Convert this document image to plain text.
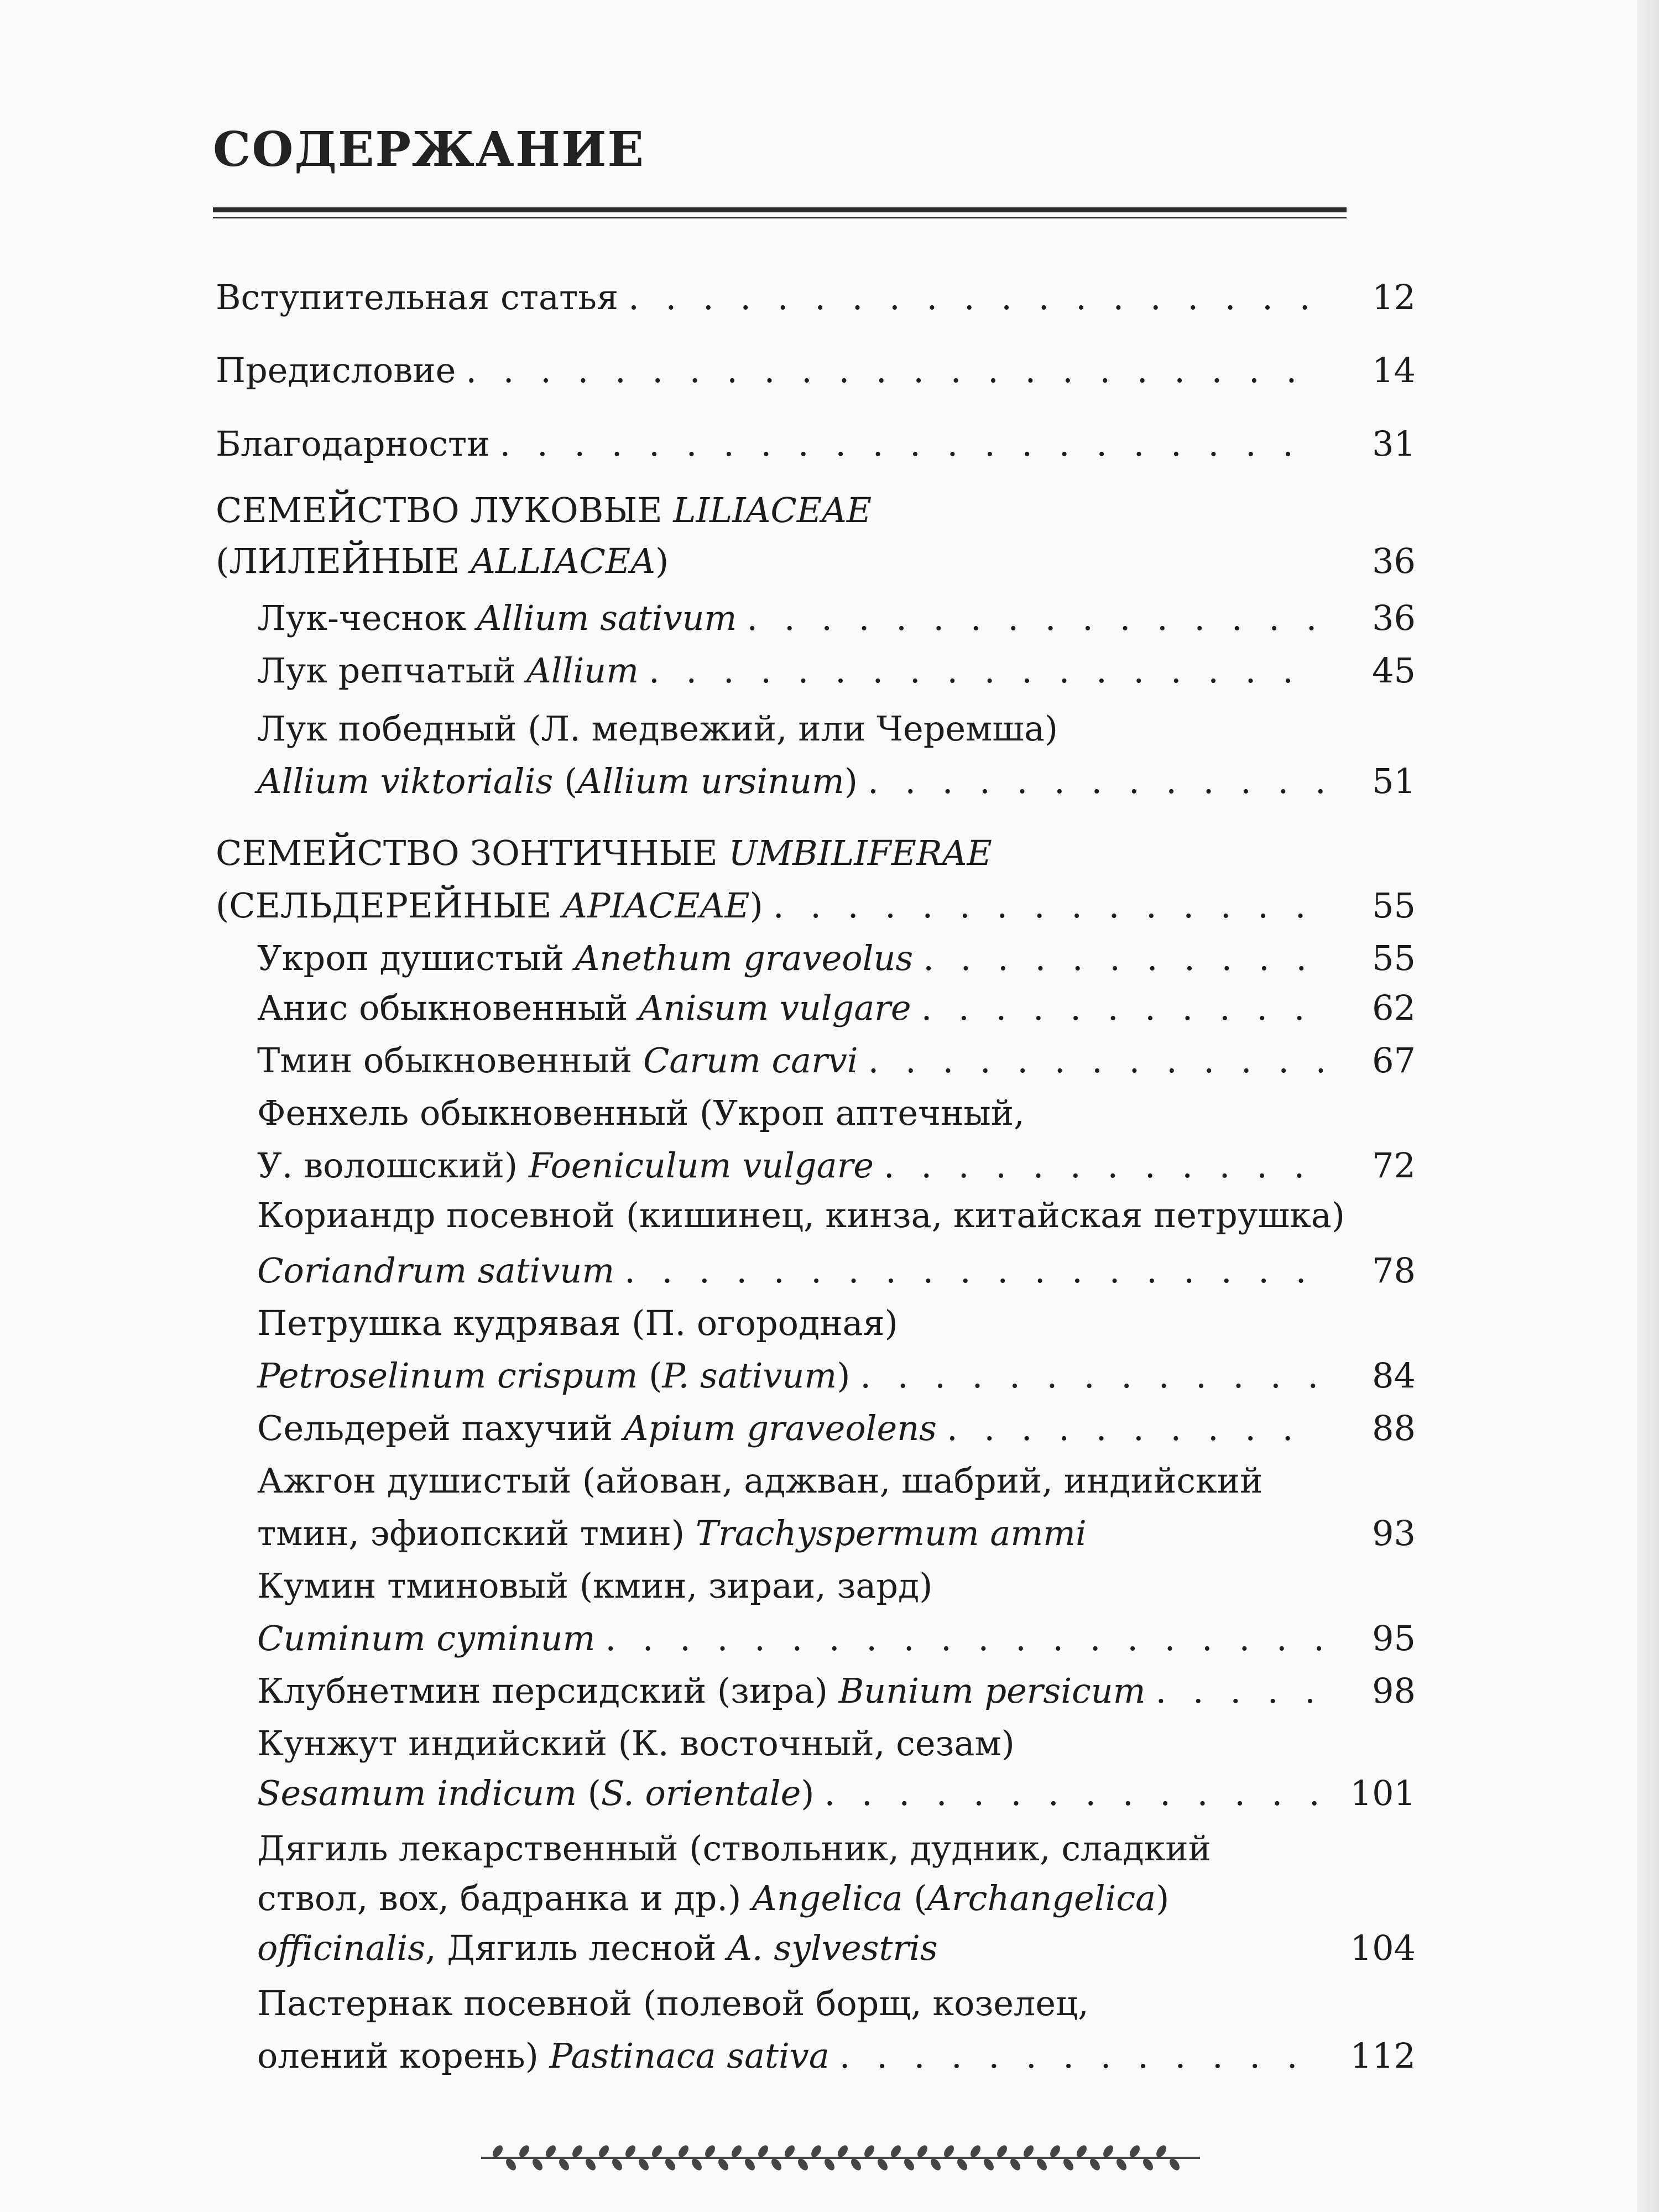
СОДЕРЖАНИЕ
Вступительная статья . . .	12
Предисловие . . .	14
Благодарности . . .	31
СЕМЕЙСТВО ЛУКОВЫЕ LILIACEAE
(ЛИЛЕЙНЫЕ ALLIACEA)	36
Лук-чеснок Allium sativum . . .	36
Лук репчатый Allium . . .	45
Лук победный (Л. медвежий, или Черемша)
Allium viktorialis (Allium ursinum) . . .	51
СЕМЕЙСТВО ЗОНТИЧНЫЕ UMBILIFERAE
(СЕЛЬДЕРЕЙНЫЕ APIACEAE) . . .	55
Укроп душистый Anethum graveolus . . .	55
Анис обыкновенный Anisum vulgare . . .	62
Тмин обыкновенный Carum carvi . . .	67
Фенхель обыкновенный (Укроп аптечный,
У. волошский) Foeniculum vulgare . . .	72
Кориандр посевной (кишинец, кинза, китайская петрушка)
Coriandrum sativum . . .	78
Петрушка кудрявая (П. огородная)
Petroselinum crispum (P. sativum) . . .	84
Сельдерей пахучий Apium graveolens . . .	88
Ажгон душистый (айован, аджван, шабрий, индийский
тмин, эфиопский тмин) Trachyspermum ammi	93
Кумин тминовый (кмин, зираи, зард)
Cuminum cyminum . . .	95
Клубнетмин персидский (зира) Bunium persicum . . .	98
Кунжут индийский (К. восточный, сезам)
Sesamum indicum (S. orientale) . . .	101
Дягиль лекарственный (ствольник, дудник, сладкий
ствол, вох, бадранка и др.) Angelica (Archangelica)
officinalis, Дягиль лесной A. sylvestris	104
Пастернак посевной (полевой борщ, козелец,
олений корень) Pastinaca sativa . . .	112
